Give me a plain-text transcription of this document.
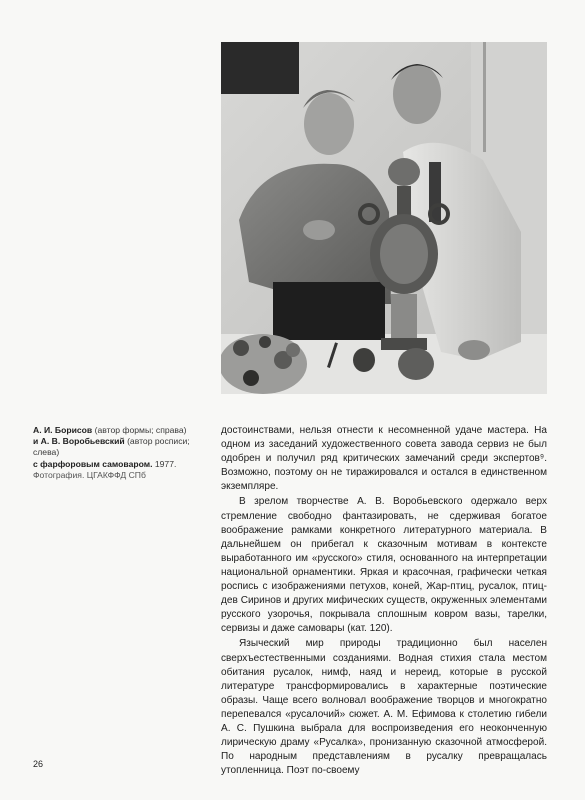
А. И. Борисов (автор формы; справа)
и А. В. Воробьевский (автор росписи; слева)
с фарфоровым самоваром. 1977.
Фотография. ЦГАКФФД СПб

достоинствами, нельзя отнести к несомненной удаче мастера. На одном из заседаний художественного совета завода сервиз не был одобрен и получил ряд критических замечаний среди экспертов⁹. Возможно, поэтому он не тиражировался и остался в единственном экземпляре.

В зрелом творчестве А. В. Воробьевского одержало верх стремление свободно фантазировать, не сдерживая богатое воображение рамками конкретного литературного материала. В дальнейшем он прибегал к сказочным мотивам в контексте выработанного им «русского» стиля, основанного на интерпретации национальной орнаментики. Яркая и красочная, графически четкая роспись с изображениями петухов, коней, Жар-птиц, русалок, птиц-дев Сиринов и других мифических существ, окруженных элементами русского узорочья, покрывала сплошным ковром вазы, тарелки, сервизы и даже самовары (кат. 120).

Языческий мир природы традиционно был населен сверхъестественными созданиями. Водная стихия стала местом обитания русалок, нимф, наяд и нереид, которые в русской литературе трансформировались в характерные поэтические образы. Чаще всего волновал воображение творцов и многократно перепевался «русалочий» сюжет. А. М. Ефимова к столетию гибели А. С. Пушкина выбрала для воспроизведения его неоконченную лирическую драму «Русалка», пронизанную сказочной атмосферой. По народным представлениям в русалку превращалась утопленница. Поэт по-своему

26
